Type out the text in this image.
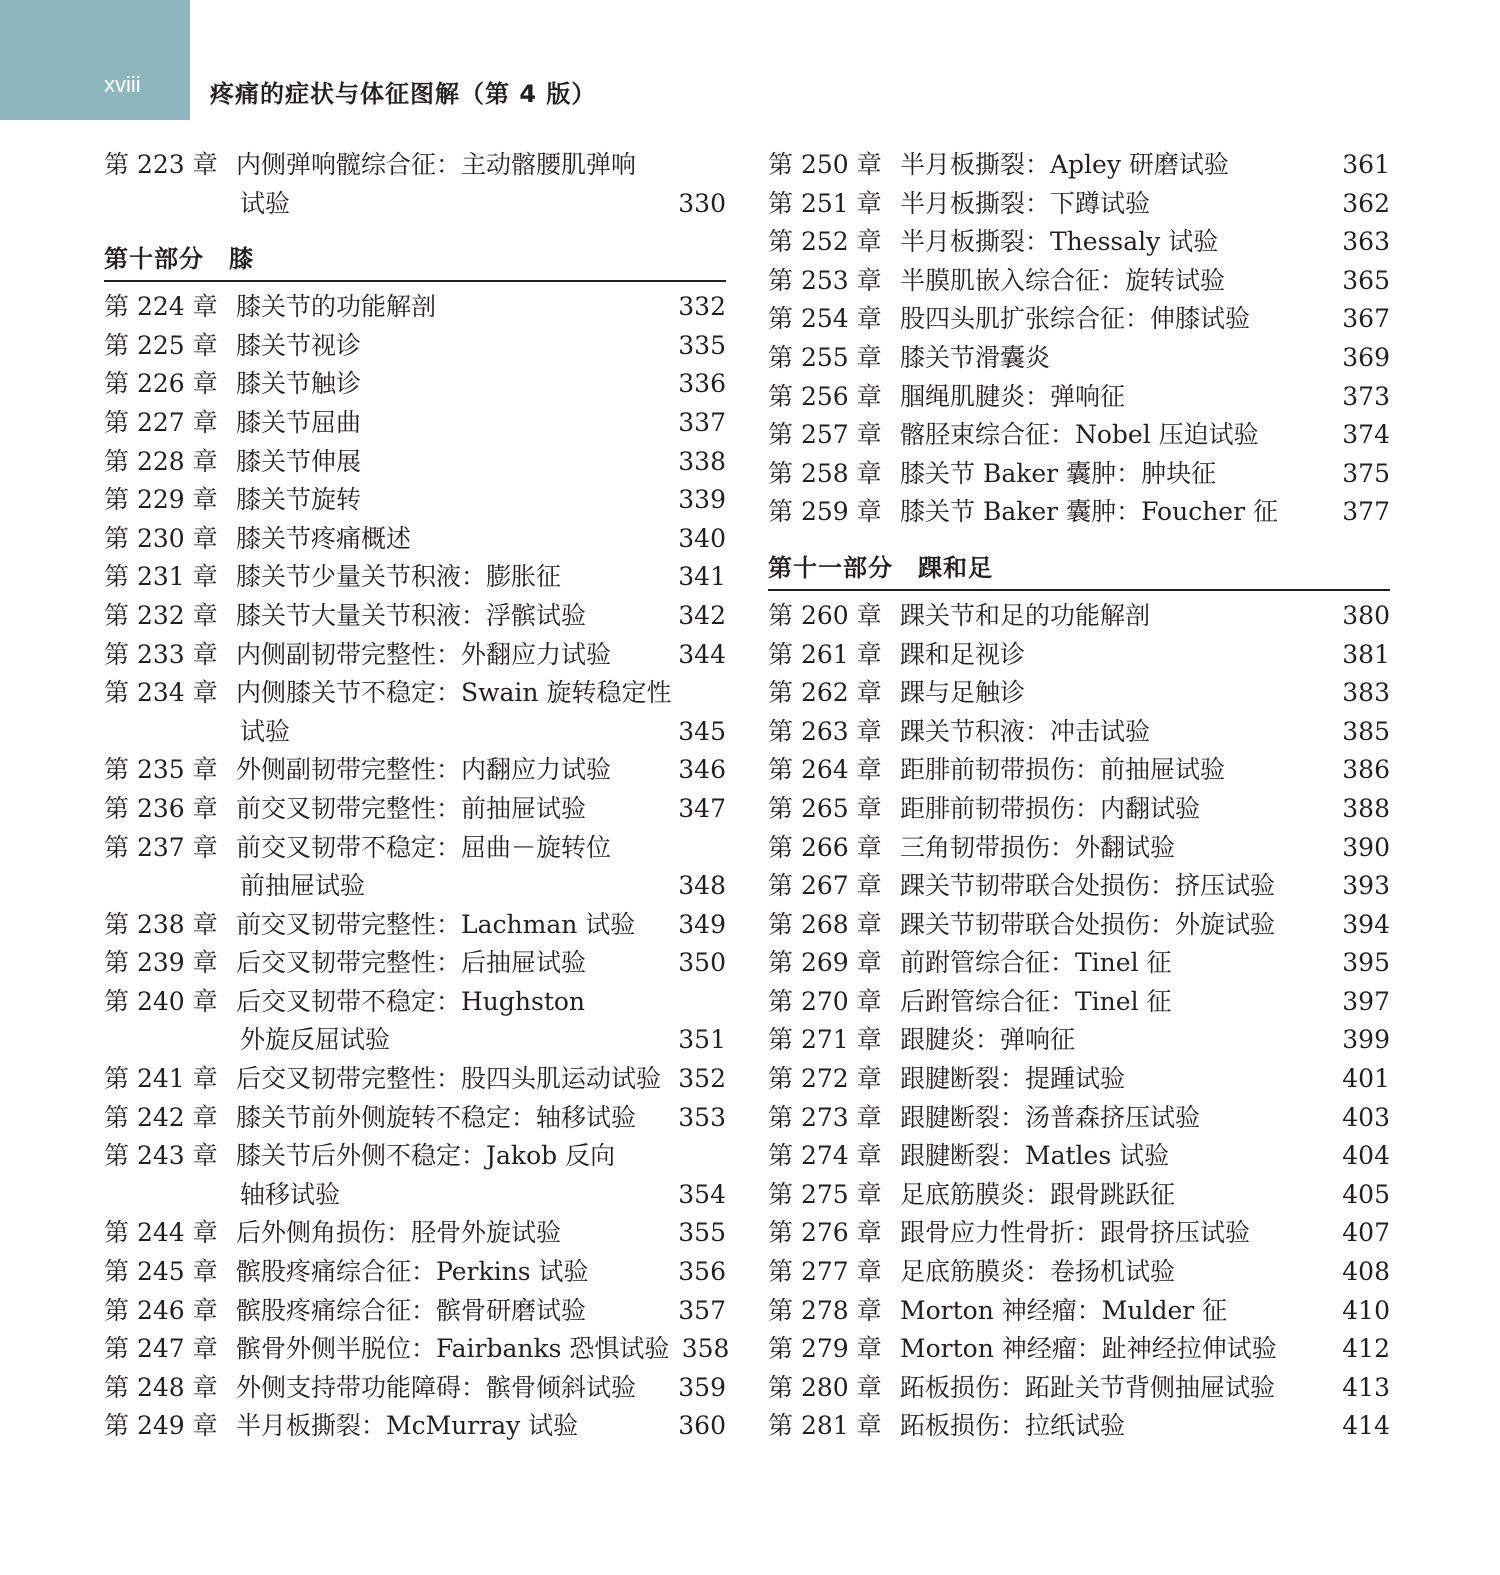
xviii	疼痛的症状与体征图解（第 4 版）
第 223 章 内侧弹响髋综合征：主动髂腰肌弹响
试验	330
第十部分　膝
第 224 章 膝关节的功能解剖	332
第 225 章 膝关节视诊	335
第 226 章 膝关节触诊	336
第 227 章 膝关节屈曲	337
第 228 章 膝关节伸展	338
第 229 章 膝关节旋转	339
第 230 章 膝关节疼痛概述	340
第 231 章 膝关节少量关节积液：膨胀征	341
第 232 章 膝关节大量关节积液：浮髌试验	342
第 233 章 内侧副韧带完整性：外翻应力试验	344
第 234 章 内侧膝关节不稳定：Swain 旋转稳定性
试验	345
第 235 章 外侧副韧带完整性：内翻应力试验	346
第 236 章 前交叉韧带完整性：前抽屉试验	347
第 237 章 前交叉韧带不稳定：屈曲－旋转位
前抽屉试验	348
第 238 章 前交叉韧带完整性：Lachman 试验	349
第 239 章 后交叉韧带完整性：后抽屉试验	350
第 240 章 后交叉韧带不稳定：Hughston
外旋反屈试验	351
第 241 章 后交叉韧带完整性：股四头肌运动试验 352
第 242 章 膝关节前外侧旋转不稳定：轴移试验	353
第 243 章 膝关节后外侧不稳定：Jakob 反向
轴移试验	354
第 244 章 后外侧角损伤：胫骨外旋试验	355
第 245 章 髌股疼痛综合征：Perkins 试验	356
第 246 章 髌股疼痛综合征：髌骨研磨试验	357
第 247 章 髌骨外侧半脱位：Fairbanks 恐惧试验 358
第 248 章 外侧支持带功能障碍：髌骨倾斜试验	359
第 249 章 半月板撕裂：McMurray 试验	360
第 250 章 半月板撕裂：Apley 研磨试验	361
第 251 章 半月板撕裂：下蹲试验	362
第 252 章 半月板撕裂：Thessaly 试验	363
第 253 章 半膜肌嵌入综合征：旋转试验	365
第 254 章 股四头肌扩张综合征：伸膝试验	367
第 255 章 膝关节滑囊炎	369
第 256 章 腘绳肌腱炎：弹响征	373
第 257 章 髂胫束综合征：Nobel 压迫试验	374
第 258 章 膝关节 Baker 囊肿：肿块征	375
第 259 章 膝关节 Baker 囊肿：Foucher 征	377
第十一部分　踝和足
第 260 章 踝关节和足的功能解剖	380
第 261 章 踝和足视诊	381
第 262 章 踝与足触诊	383
第 263 章 踝关节积液：冲击试验	385
第 264 章 距腓前韧带损伤：前抽屉试验	386
第 265 章 距腓前韧带损伤：内翻试验	388
第 266 章 三角韧带损伤：外翻试验	390
第 267 章 踝关节韧带联合处损伤：挤压试验	393
第 268 章 踝关节韧带联合处损伤：外旋试验	394
第 269 章 前跗管综合征：Tinel 征	395
第 270 章 后跗管综合征：Tinel 征	397
第 271 章 跟腱炎：弹响征	399
第 272 章 跟腱断裂：提踵试验	401
第 273 章 跟腱断裂：汤普森挤压试验	403
第 274 章 跟腱断裂：Matles 试验	404
第 275 章 足底筋膜炎：跟骨跳跃征	405
第 276 章 跟骨应力性骨折：跟骨挤压试验	407
第 277 章 足底筋膜炎：卷扬机试验	408
第 278 章 Morton 神经瘤：Mulder 征	410
第 279 章 Morton 神经瘤：趾神经拉伸试验	412
第 280 章 跖板损伤：跖趾关节背侧抽屉试验	413
第 281 章 跖板损伤：拉纸试验	414
